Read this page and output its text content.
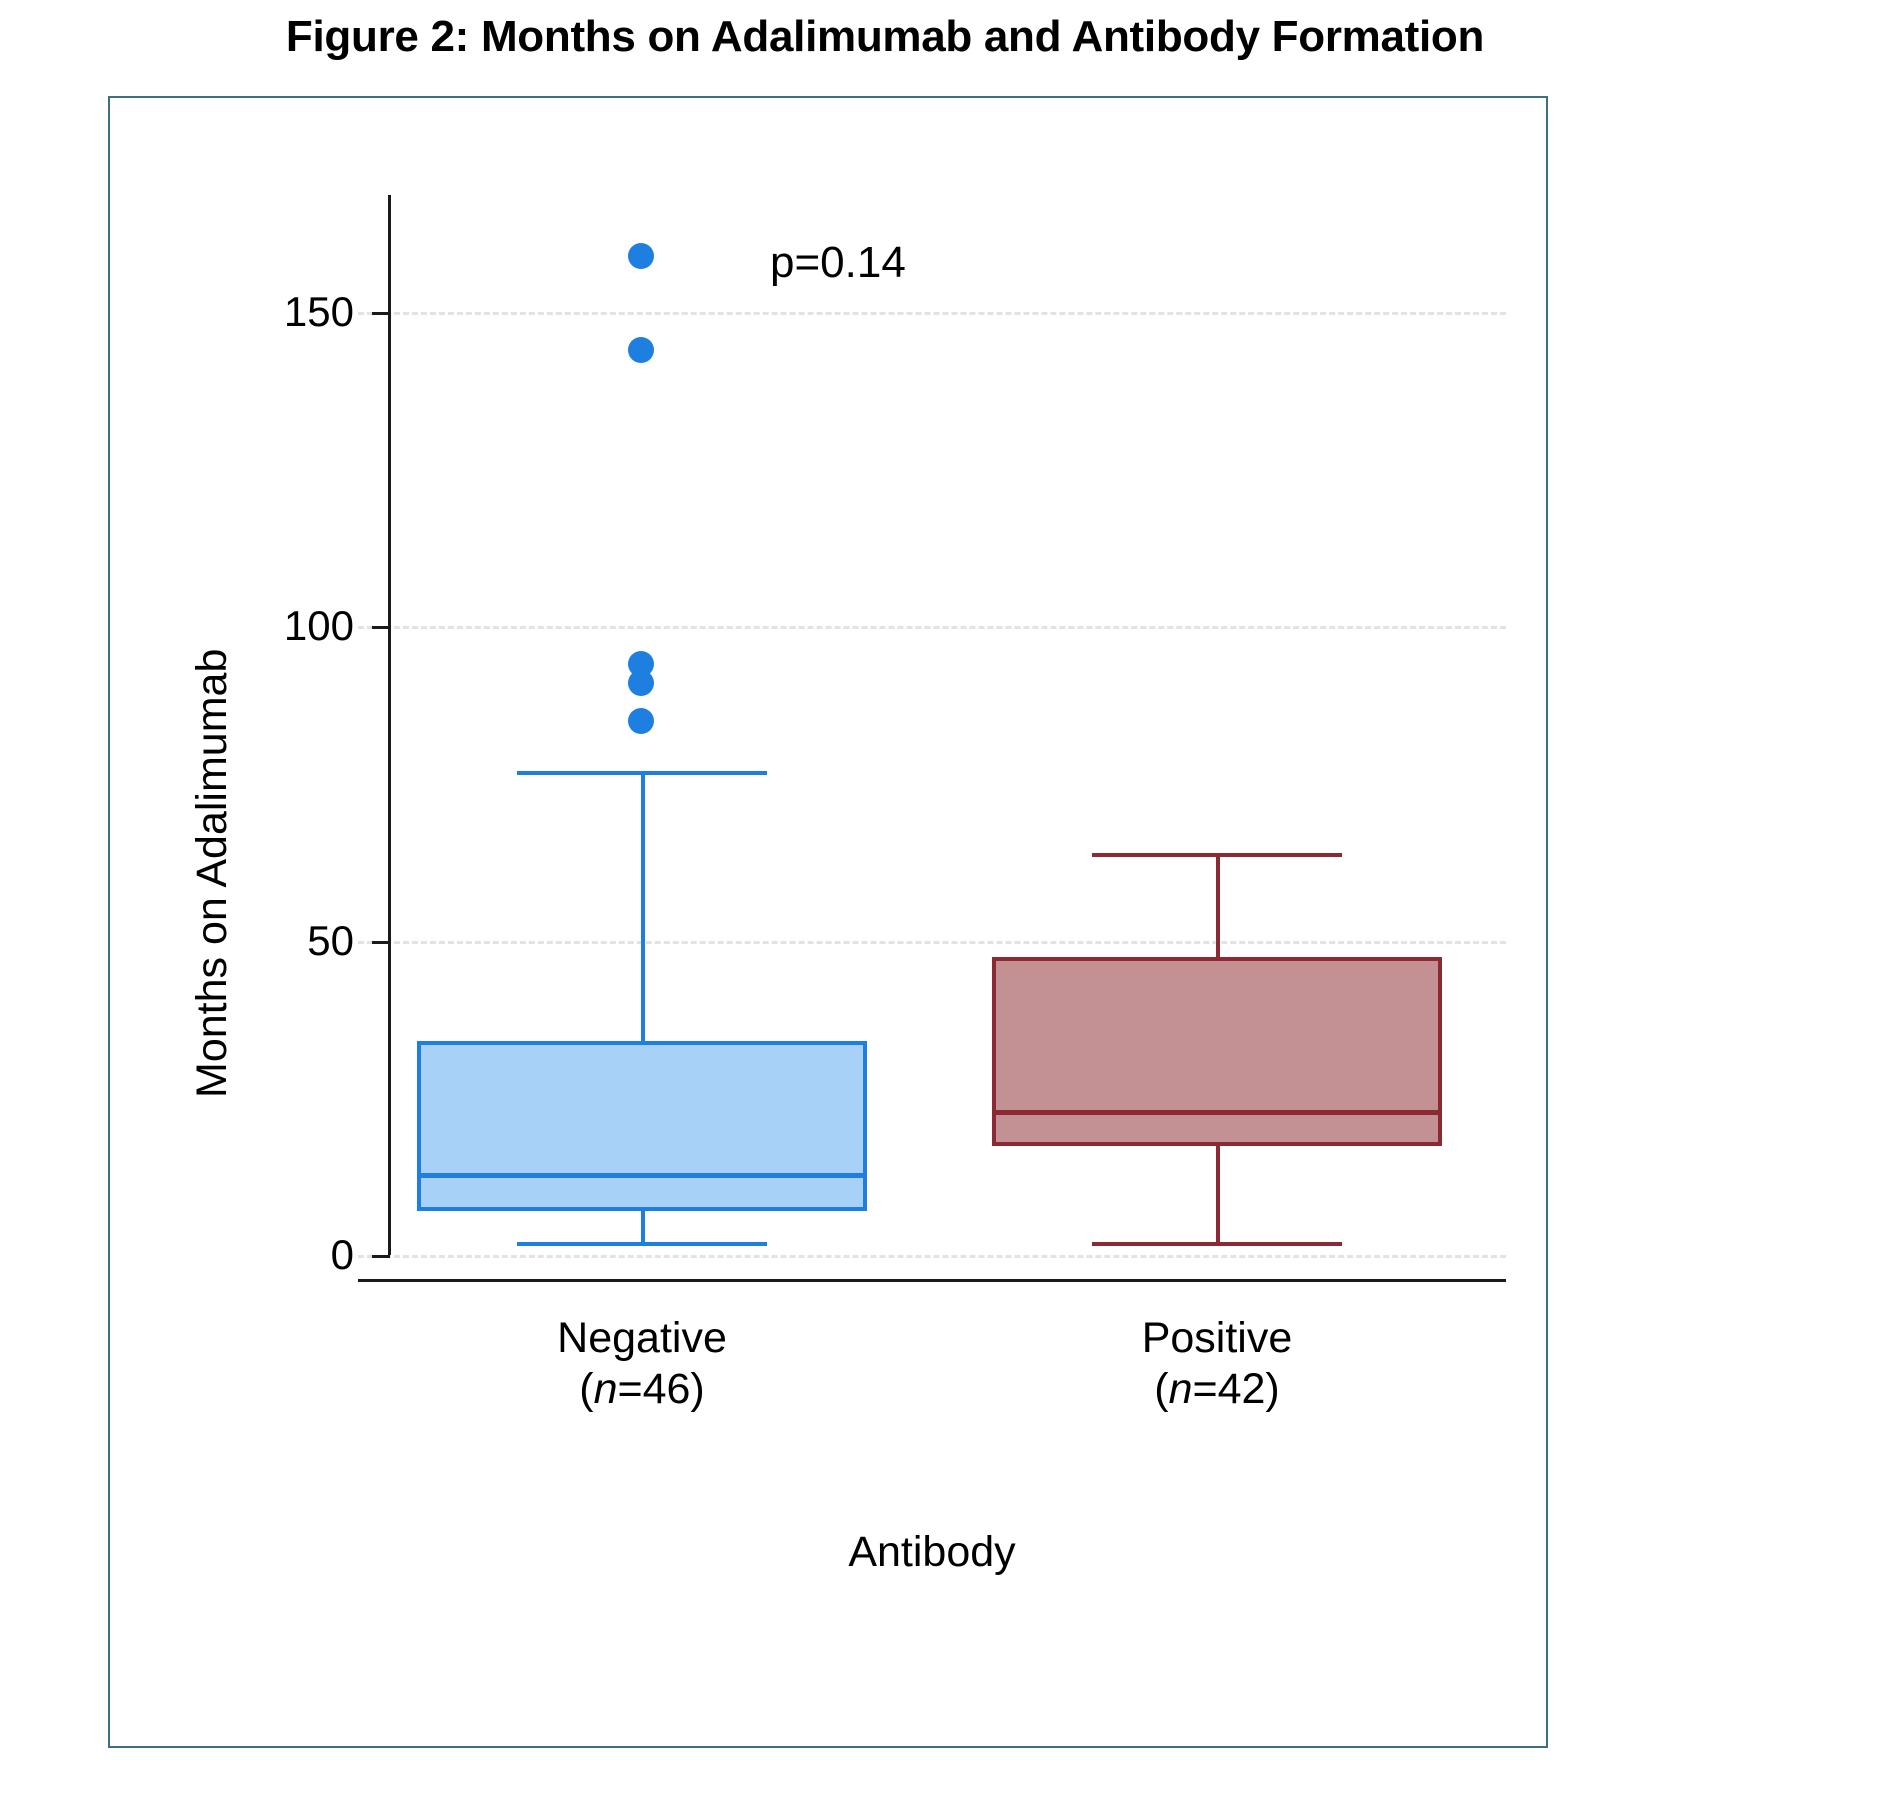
Figure 2: Months on Adalimumab and Antibody Formation
0
50
100
150
Months on Adalimumab
p=0.14
Negative
(n=46)
Positive
(n=42)
Antibody
